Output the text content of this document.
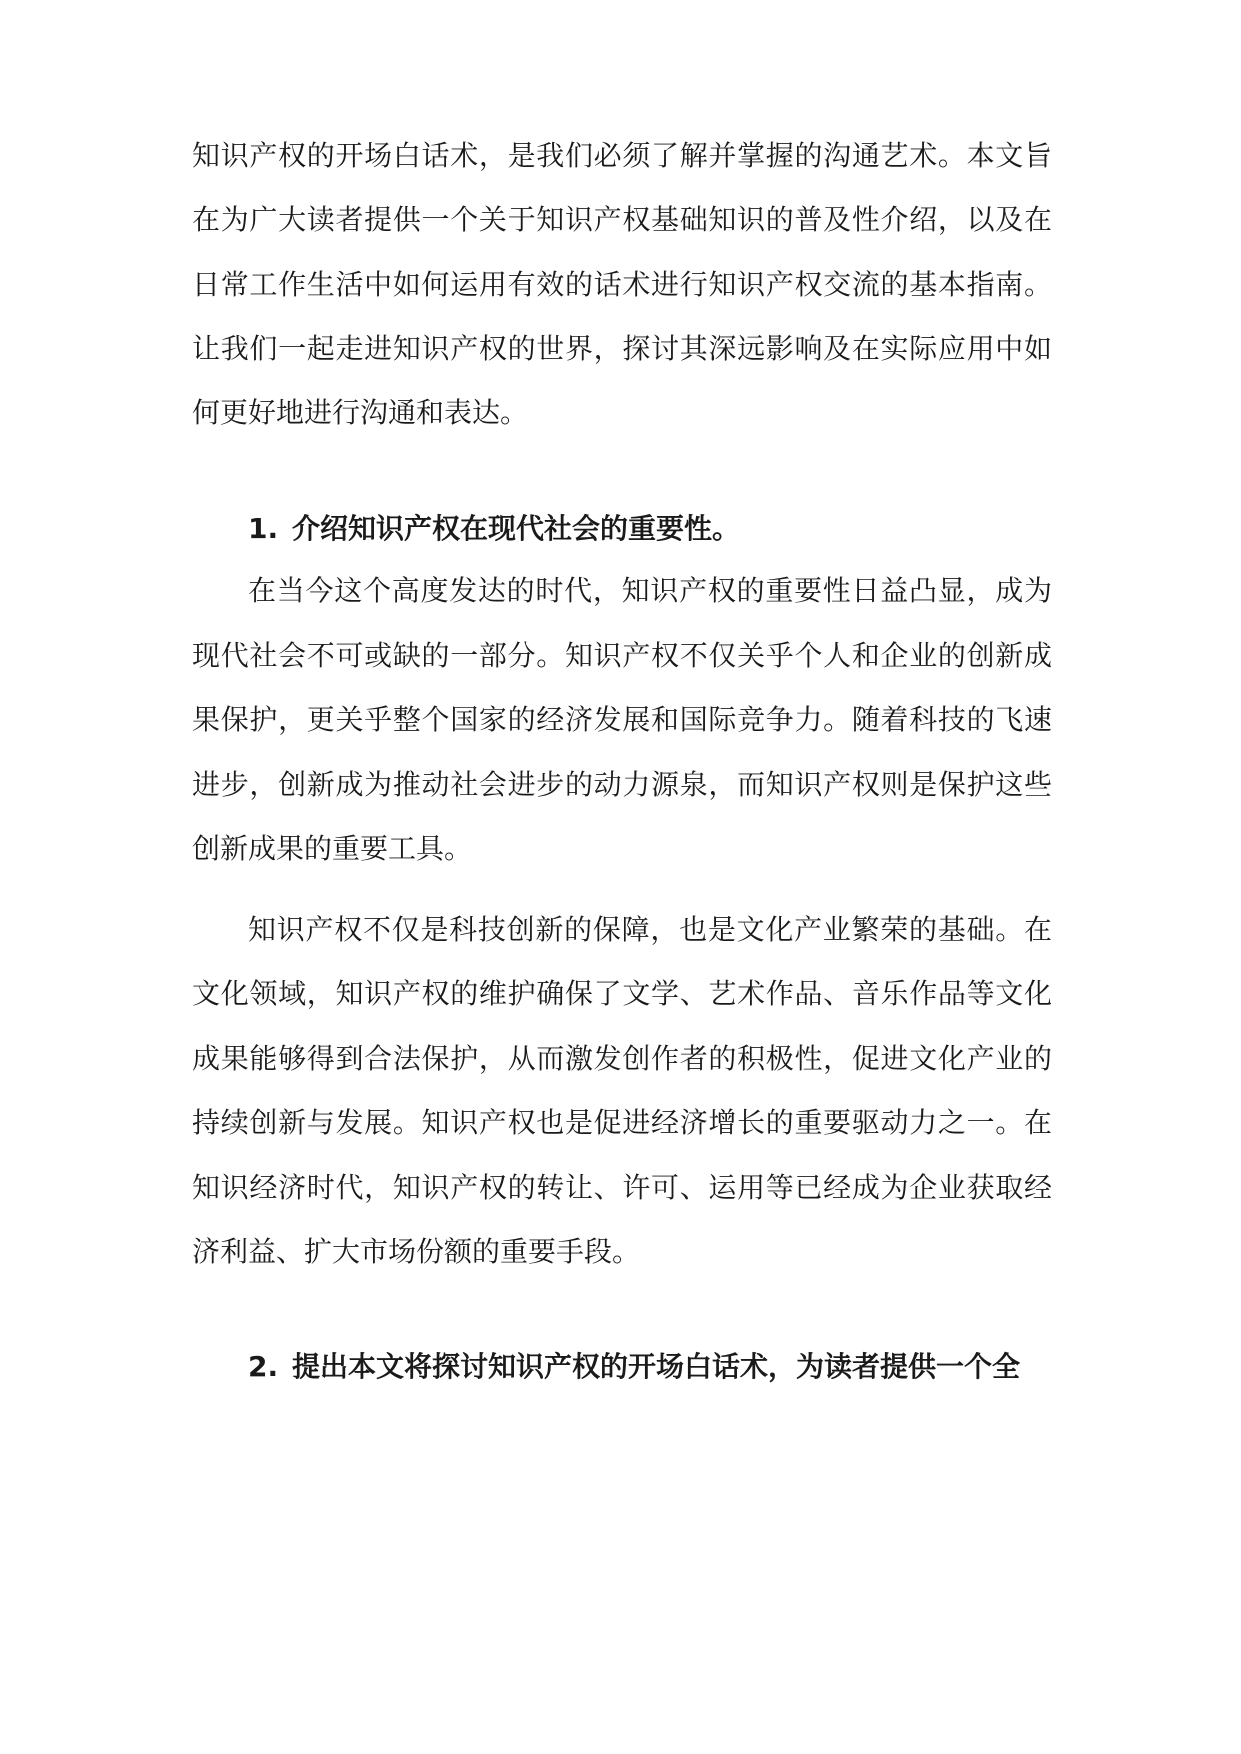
知识产权的开场白话术，是我们必须了解并掌握的沟通艺术。本文旨
在为广大读者提供一个关于知识产权基础知识的普及性介绍，以及在
日常工作生活中如何运用有效的话术进行知识产权交流的基本指南。
让我们一起走进知识产权的世界，探讨其深远影响及在实际应用中如
何更好地进行沟通和表达。
1. 介绍知识产权在现代社会的重要性。
在当今这个高度发达的时代，知识产权的重要性日益凸显，成为
现代社会不可或缺的一部分。知识产权不仅关乎个人和企业的创新成
果保护，更关乎整个国家的经济发展和国际竞争力。随着科技的飞速
进步，创新成为推动社会进步的动力源泉，而知识产权则是保护这些
创新成果的重要工具。
知识产权不仅是科技创新的保障，也是文化产业繁荣的基础。在
文化领域，知识产权的维护确保了文学、艺术作品、音乐作品等文化
成果能够得到合法保护，从而激发创作者的积极性，促进文化产业的
持续创新与发展。知识产权也是促进经济增长的重要驱动力之一。在
知识经济时代，知识产权的转让、许可、运用等已经成为企业获取经
济利益、扩大市场份额的重要手段。
2. 提出本文将探讨知识产权的开场白话术，为读者提供一个全
